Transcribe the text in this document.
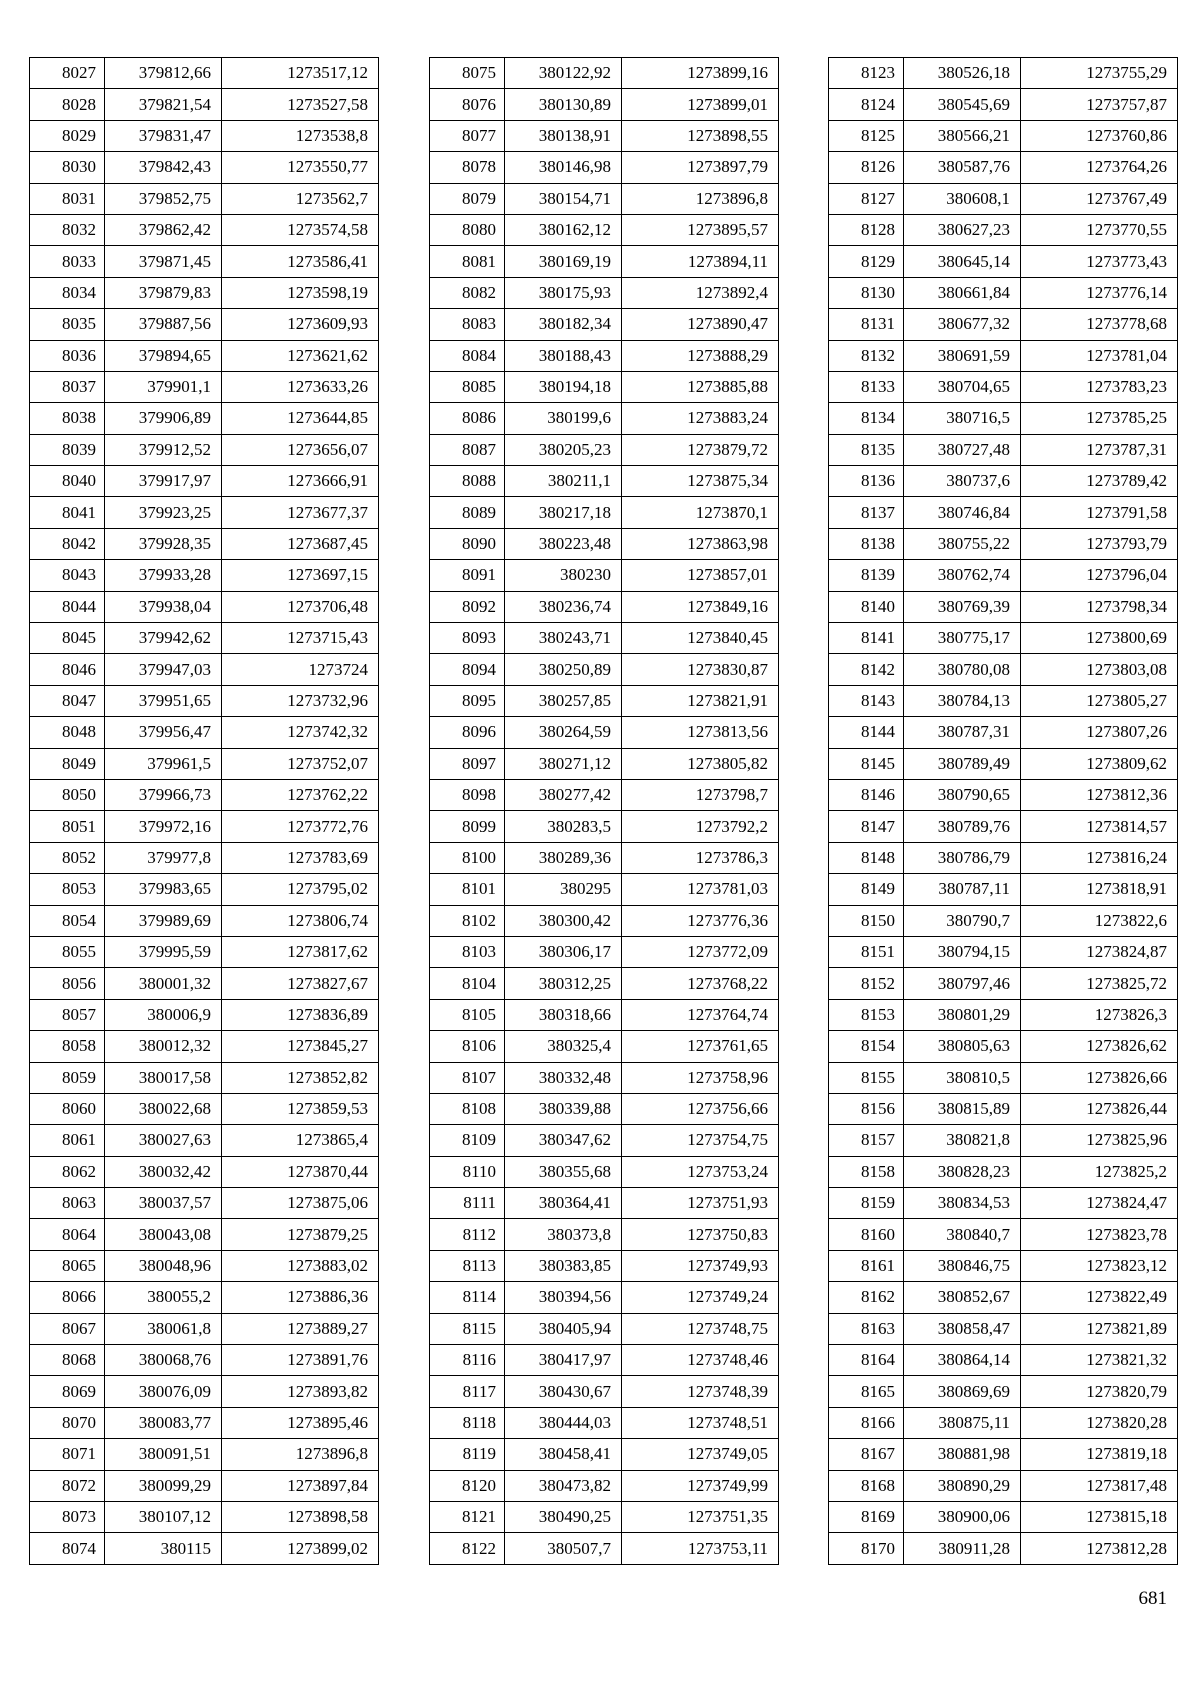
8027	379812,66	1273517,12
8028	379821,54	1273527,58
8029	379831,47	1273538,8
8030	379842,43	1273550,77
8031	379852,75	1273562,7
8032	379862,42	1273574,58
8033	379871,45	1273586,41
8034	379879,83	1273598,19
8035	379887,56	1273609,93
8036	379894,65	1273621,62
8037	379901,1	1273633,26
8038	379906,89	1273644,85
8039	379912,52	1273656,07
8040	379917,97	1273666,91
8041	379923,25	1273677,37
8042	379928,35	1273687,45
8043	379933,28	1273697,15
8044	379938,04	1273706,48
8045	379942,62	1273715,43
8046	379947,03	1273724
8047	379951,65	1273732,96
8048	379956,47	1273742,32
8049	379961,5	1273752,07
8050	379966,73	1273762,22
8051	379972,16	1273772,76
8052	379977,8	1273783,69
8053	379983,65	1273795,02
8054	379989,69	1273806,74
8055	379995,59	1273817,62
8056	380001,32	1273827,67
8057	380006,9	1273836,89
8058	380012,32	1273845,27
8059	380017,58	1273852,82
8060	380022,68	1273859,53
8061	380027,63	1273865,4
8062	380032,42	1273870,44
8063	380037,57	1273875,06
8064	380043,08	1273879,25
8065	380048,96	1273883,02
8066	380055,2	1273886,36
8067	380061,8	1273889,27
8068	380068,76	1273891,76
8069	380076,09	1273893,82
8070	380083,77	1273895,46
8071	380091,51	1273896,8
8072	380099,29	1273897,84
8073	380107,12	1273898,58
8074	380115	1273899,02
8075	380122,92	1273899,16
8076	380130,89	1273899,01
8077	380138,91	1273898,55
8078	380146,98	1273897,79
8079	380154,71	1273896,8
8080	380162,12	1273895,57
8081	380169,19	1273894,11
8082	380175,93	1273892,4
8083	380182,34	1273890,47
8084	380188,43	1273888,29
8085	380194,18	1273885,88
8086	380199,6	1273883,24
8087	380205,23	1273879,72
8088	380211,1	1273875,34
8089	380217,18	1273870,1
8090	380223,48	1273863,98
8091	380230	1273857,01
8092	380236,74	1273849,16
8093	380243,71	1273840,45
8094	380250,89	1273830,87
8095	380257,85	1273821,91
8096	380264,59	1273813,56
8097	380271,12	1273805,82
8098	380277,42	1273798,7
8099	380283,5	1273792,2
8100	380289,36	1273786,3
8101	380295	1273781,03
8102	380300,42	1273776,36
8103	380306,17	1273772,09
8104	380312,25	1273768,22
8105	380318,66	1273764,74
8106	380325,4	1273761,65
8107	380332,48	1273758,96
8108	380339,88	1273756,66
8109	380347,62	1273754,75
8110	380355,68	1273753,24
8111	380364,41	1273751,93
8112	380373,8	1273750,83
8113	380383,85	1273749,93
8114	380394,56	1273749,24
8115	380405,94	1273748,75
8116	380417,97	1273748,46
8117	380430,67	1273748,39
8118	380444,03	1273748,51
8119	380458,41	1273749,05
8120	380473,82	1273749,99
8121	380490,25	1273751,35
8122	380507,7	1273753,11
8123	380526,18	1273755,29
8124	380545,69	1273757,87
8125	380566,21	1273760,86
8126	380587,76	1273764,26
8127	380608,1	1273767,49
8128	380627,23	1273770,55
8129	380645,14	1273773,43
8130	380661,84	1273776,14
8131	380677,32	1273778,68
8132	380691,59	1273781,04
8133	380704,65	1273783,23
8134	380716,5	1273785,25
8135	380727,48	1273787,31
8136	380737,6	1273789,42
8137	380746,84	1273791,58
8138	380755,22	1273793,79
8139	380762,74	1273796,04
8140	380769,39	1273798,34
8141	380775,17	1273800,69
8142	380780,08	1273803,08
8143	380784,13	1273805,27
8144	380787,31	1273807,26
8145	380789,49	1273809,62
8146	380790,65	1273812,36
8147	380789,76	1273814,57
8148	380786,79	1273816,24
8149	380787,11	1273818,91
8150	380790,7	1273822,6
8151	380794,15	1273824,87
8152	380797,46	1273825,72
8153	380801,29	1273826,3
8154	380805,63	1273826,62
8155	380810,5	1273826,66
8156	380815,89	1273826,44
8157	380821,8	1273825,96
8158	380828,23	1273825,2
8159	380834,53	1273824,47
8160	380840,7	1273823,78
8161	380846,75	1273823,12
8162	380852,67	1273822,49
8163	380858,47	1273821,89
8164	380864,14	1273821,32
8165	380869,69	1273820,79
8166	380875,11	1273820,28
8167	380881,98	1273819,18
8168	380890,29	1273817,48
8169	380900,06	1273815,18
8170	380911,28	1273812,28
681
